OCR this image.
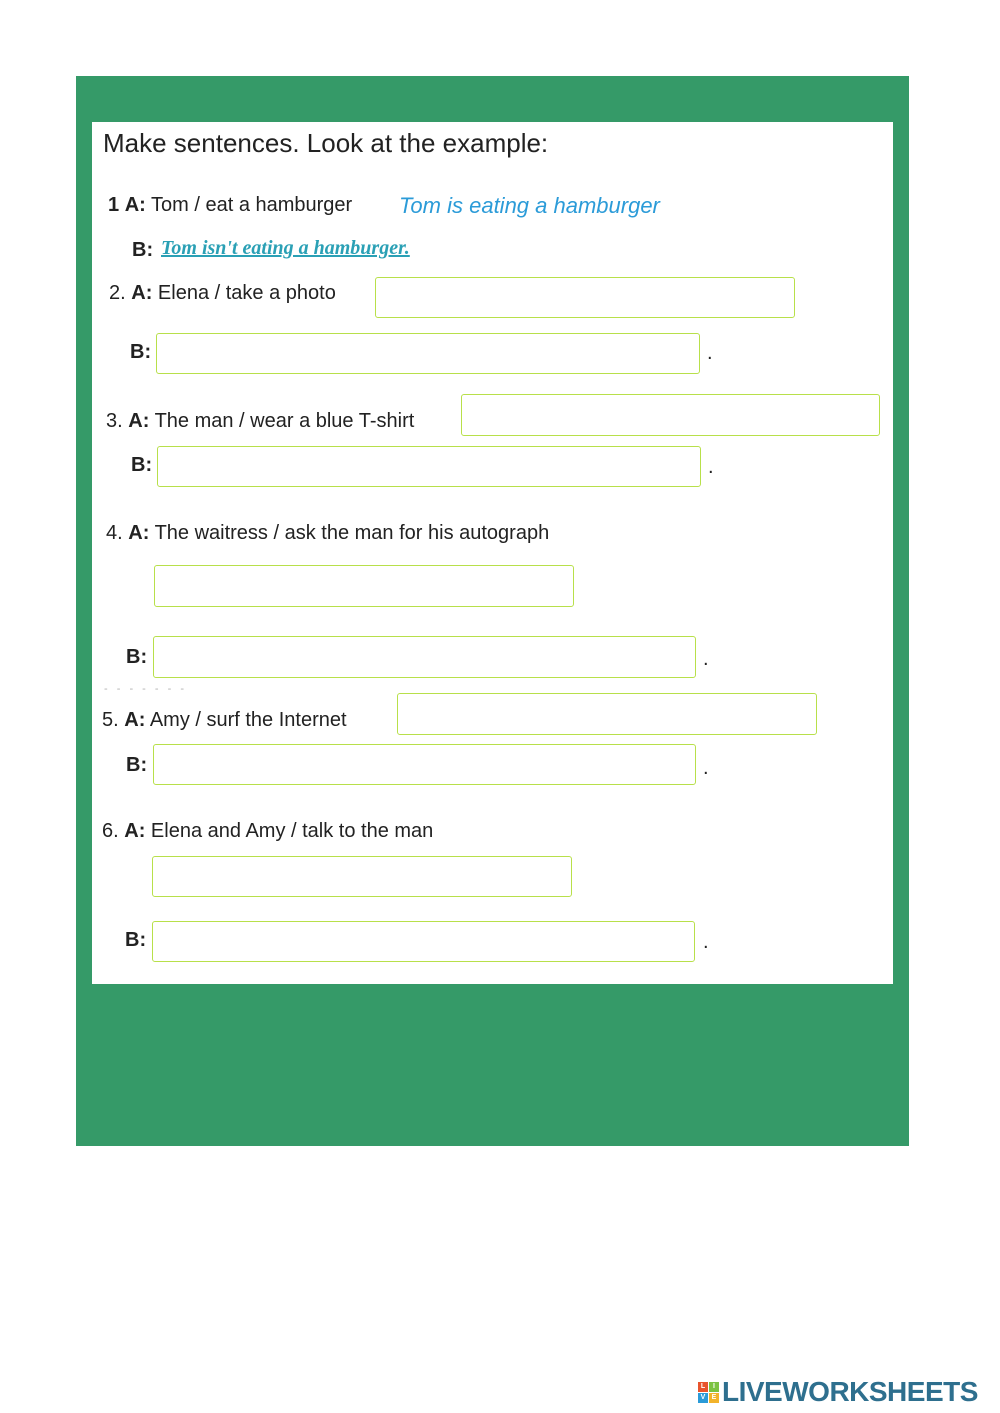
Make sentences. Look at the example:
1 A: Tom / eat a hamburger Tom is eating a hamburger
B: Tom isn't eating a hamburger.
2. A: Elena / take a photo
B:	.
3. A: The man / wear a blue T-shirt
B:	.
4. A: The waitress / ask the man for his autograph
B:	.
- - - - - - -
5. A: Amy / surf the Internet
B:	.
6. A: Elena and Amy / talk to the man
B:	.
L	I
V E LIVEWORKSHEETS
